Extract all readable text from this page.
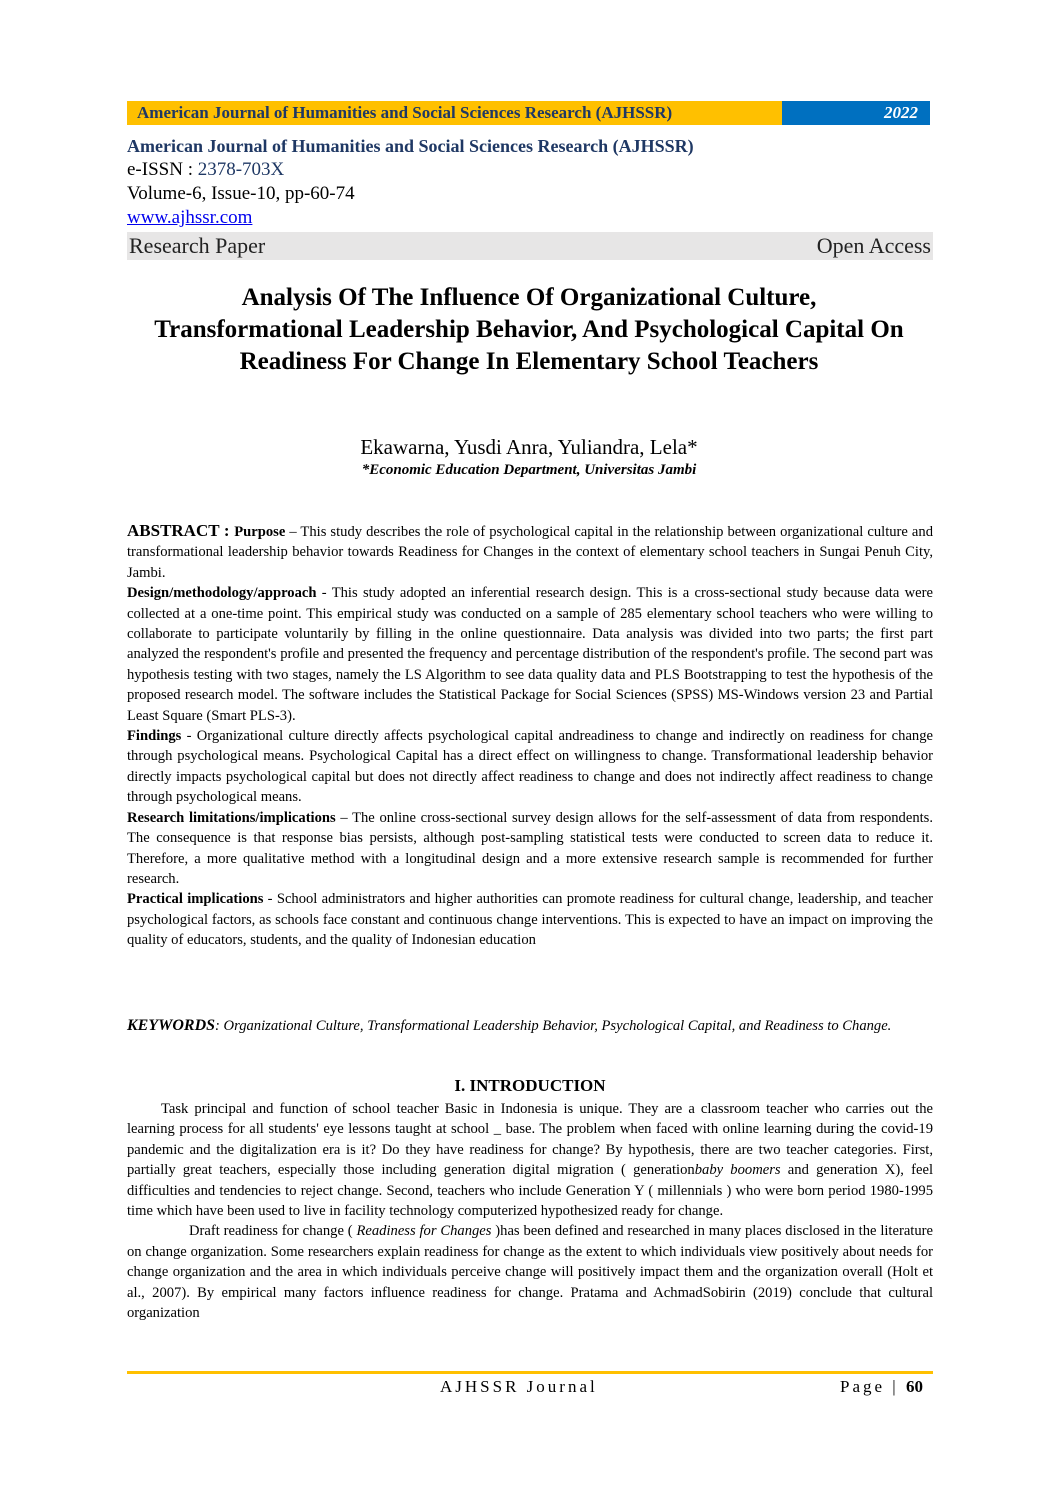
American Journal of Humanities and Social Sciences Research (AJHSSR)	2022
American Journal of Humanities and Social Sciences Research (AJHSSR)
e-ISSN : 2378-703X
Volume-6, Issue-10, pp-60-74
www.ajhssr.com
Research Paper	Open Access
Analysis Of The Influence Of Organizational Culture, Transformational Leadership Behavior, And Psychological Capital On Readiness For Change In Elementary School Teachers
Ekawarna, Yusdi Anra, Yuliandra, Lela*
*Economic Education Department, Universitas Jambi

ABSTRACT : Purpose – This study describes the role of psychological capital in the relationship between organizational culture and transformational leadership behavior towards Readiness for Changes in the context of elementary school teachers in Sungai Penuh City, Jambi.

Design/methodology/approach - This study adopted an inferential research design. This is a cross-sectional study because data were collected at a one-time point. This empirical study was conducted on a sample of 285 elementary school teachers who were willing to collaborate to participate voluntarily by filling in the online questionnaire. Data analysis was divided into two parts; the first part analyzed the respondent's profile and presented the frequency and percentage distribution of the respondent's profile. The second part was hypothesis testing with two stages, namely the LS Algorithm to see data quality data and PLS Bootstrapping to test the hypothesis of the proposed research model. The software includes the Statistical Package for Social Sciences (SPSS) MS-Windows version 23 and Partial Least Square (Smart PLS-3).

Findings - Organizational culture directly affects psychological capital andreadiness to change and indirectly on readiness for change through psychological means. Psychological Capital has a direct effect on willingness to change. Transformational leadership behavior directly impacts psychological capital but does not directly affect readiness to change and does not indirectly affect readiness to change through psychological means.

Research limitations/implications – The online cross-sectional survey design allows for the self-assessment of data from respondents. The consequence is that response bias persists, although post-sampling statistical tests were conducted to screen data to reduce it. Therefore, a more qualitative method with a longitudinal design and a more extensive research sample is recommended for further research.

Practical implications - School administrators and higher authorities can promote readiness for cultural change, leadership, and teacher psychological factors, as schools face constant and continuous change interventions. This is expected to have an impact on improving the quality of educators, students, and the quality of Indonesian education

KEYWORDS: Organizational Culture, Transformational Leadership Behavior, Psychological Capital, and Readiness to Change.
I. INTRODUCTION

Task principal and function of school teacher Basic in Indonesia is unique. They are a classroom teacher who carries out the learning process for all students' eye lessons taught at school _ base. The problem when faced with online learning during the covid-19 pandemic and the digitalization era is it? Do they have readiness for change? By hypothesis, there are two teacher categories. First, partially great teachers, especially those including generation digital migration ( generationbaby boomers and generation X), feel difficulties and tendencies to reject change. Second, teachers who include Generation Y ( millennials ) who were born period 1980-1995 time which have been used to live in facility technology computerized hypothesized ready for change.

Draft readiness for change ( Readiness for Changes )has been defined and researched in many places disclosed in the literature on change organization. Some researchers explain readiness for change as the extent to which individuals view positively about needs for change organization and the area in which individuals perceive change will positively impact them and the organization overall (Holt et al., 2007). By empirical many factors influence readiness for change. Pratama and AchmadSobirin (2019) conclude that cultural organization

AJHSSR Journal	Page | 60
